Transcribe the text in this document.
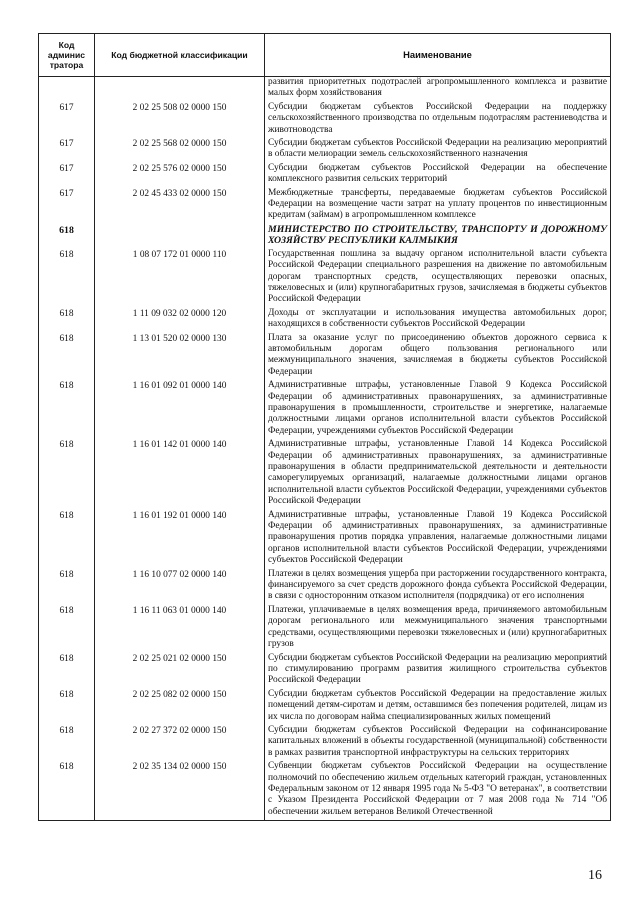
Код админис тратора	Код бюджетной классификации	Наименование
		развития приоритетных подотраслей агропромышленного комплекса и развитие малых форм хозяйствования
617	2 02 25 508 02 0000 150	Субсидии бюджетам субъектов Российской Федерации на поддержку сельскохозяйственного производства по отдельным подотраслям растениеводства и животноводства
617	2 02 25 568 02 0000 150	Субсидии бюджетам субъектов Российской Федерации на реализацию мероприятий в области мелиорации земель сельскохозяйственного назначения
617	2 02 25 576 02 0000 150	Субсидии бюджетам субъектов Российской Федерации на обеспечение комплексного развития сельских территорий
617	2 02 45 433 02 0000 150	Межбюджетные трансферты, передаваемые бюджетам субъектов Российской Федерации на возмещение части затрат на уплату процентов по инвестиционным кредитам (займам) в агропромышленном комплексе
618		МИНИСТЕРСТВО ПО СТРОИТЕЛЬСТВУ, ТРАНСПОРТУ И ДОРОЖНОМУ ХОЗЯЙСТВУ РЕСПУБЛИКИ КАЛМЫКИЯ
618	1 08 07 172 01 0000 110	Государственная пошлина за выдачу органом исполнительной власти субъекта Российской Федерации специального разрешения на движение по автомобильным дорогам транспортных средств, осуществляющих перевозки опасных, тяжеловесных и (или) крупногабаритных грузов, зачисляемая в бюджеты субъектов Российской Федерации
618	1 11 09 032 02 0000 120	Доходы от эксплуатации и использования имущества автомобильных дорог, находящихся в собственности субъектов Российской Федерации
618	1 13 01 520 02 0000 130	Плата за оказание услуг по присоединению объектов дорожного сервиса к автомобильным дорогам общего пользования регионального или межмуниципального значения, зачисляемая в бюджеты субъектов Российской Федерации
618	1 16 01 092 01 0000 140	Административные штрафы, установленные Главой 9 Кодекса Российской Федерации об административных правонарушениях, за административные правонарушения в промышленности, строительстве и энергетике, налагаемые должностными лицами органов исполнительной власти субъектов Российской Федерации, учреждениями субъектов Российской Федерации
618	1 16 01 142 01 0000 140	Административные штрафы, установленные Главой 14 Кодекса Российской Федерации об административных правонарушениях, за административные правонарушения в области предпринимательской деятельности и деятельности саморегулируемых организаций, налагаемые должностными лицами органов исполнительной власти субъектов Российской Федерации, учреждениями субъектов Российской Федерации
618	1 16 01 192 01 0000 140	Административные штрафы, установленные Главой 19 Кодекса Российской Федерации об административных правонарушениях, за административные правонарушения против порядка управления, налагаемые должностными лицами органов исполнительной власти субъектов Российской Федерации, учреждениями субъектов Российской Федерации
618	1 16 10 077 02 0000 140	Платежи в целях возмещения ущерба при расторжении государственного контракта, финансируемого за счет средств дорожного фонда субъекта Российской Федерации, в связи с односторонним отказом исполнителя (подрядчика) от его исполнения
618	1 16 11 063 01 0000 140	Платежи, уплачиваемые в целях возмещения вреда, причиняемого автомобильным дорогам регионального или межмуниципального значения транспортными средствами, осуществляющими перевозки тяжеловесных и (или) крупногабаритных грузов
618	2 02 25 021 02 0000 150	Субсидии бюджетам субъектов Российской Федерации на реализацию мероприятий по стимулированию программ развития жилищного строительства субъектов Российской Федерации
618	2 02 25 082 02 0000 150	Субсидии бюджетам субъектов Российской Федерации на предоставление жилых помещений детям-сиротам и детям, оставшимся без попечения родителей, лицам из их числа по договорам найма специализированных жилых помещений
618	2 02 27 372 02 0000 150	Субсидии бюджетам субъектов Российской Федерации на софинансирование капитальных вложений в объекты государственной (муниципальной) собственности в рамках развития транспортной инфраструктуры на сельских территориях
618	2 02 35 134 02 0000 150	Субвенции бюджетам субъектов Российской Федерации на осуществление полномочий по обеспечению жильем отдельных категорий граждан, установленных Федеральным законом от 12 января 1995 года № 5-ФЗ "О ветеранах", в соответствии с Указом Президента Российской Федерации от 7 мая 2008 года № 714 "Об обеспечении жильем ветеранов Великой Отечественной
16
